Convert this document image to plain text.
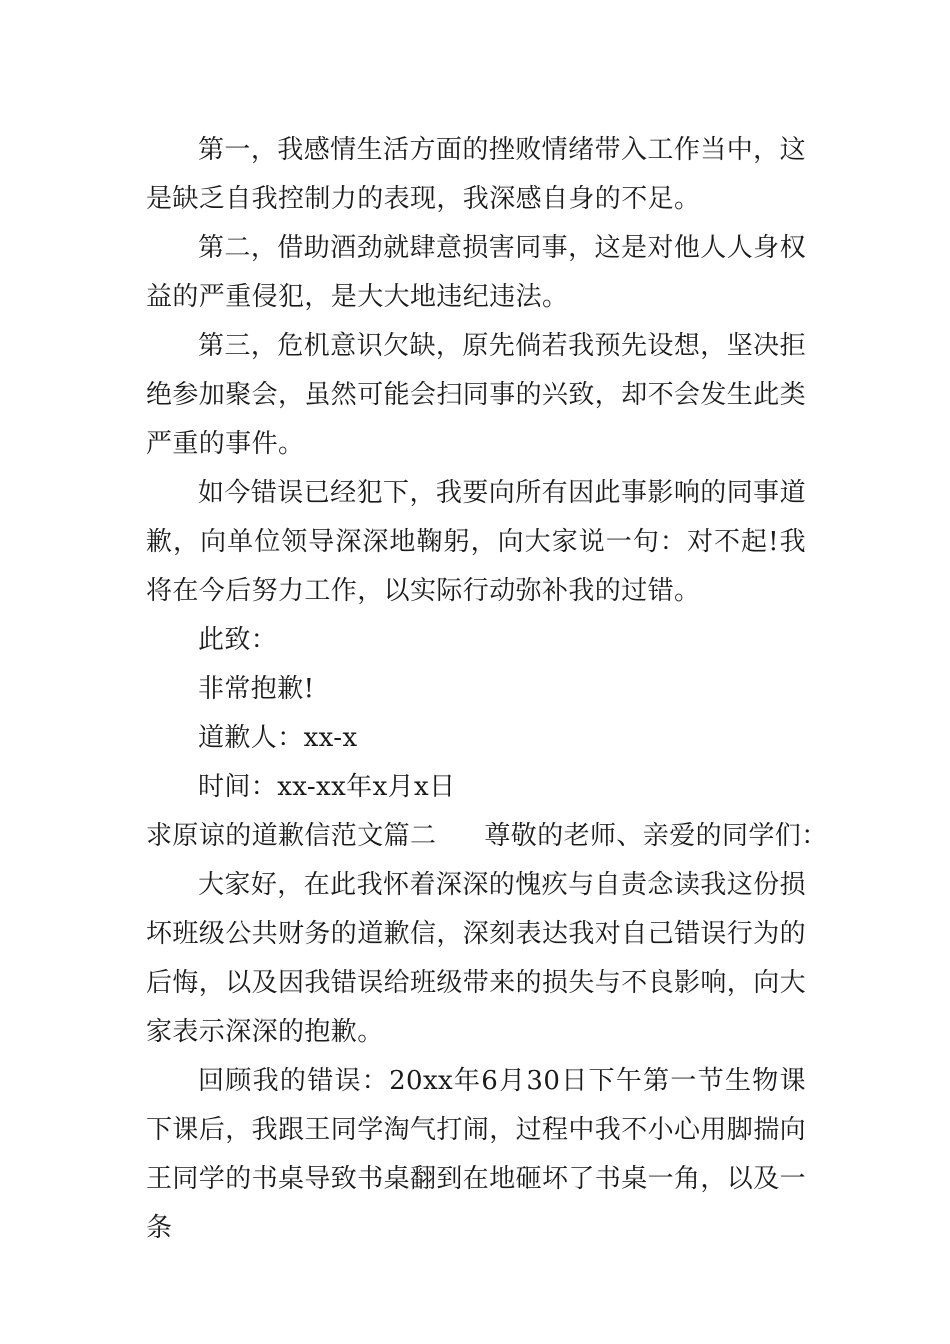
第一，我感情生活方面的挫败情绪带入工作当中，这是缺乏自我控制力的表现，我深感自身的不足。

第二，借助酒劲就肆意损害同事，这是对他人人身权益的严重侵犯，是大大地违纪违法。

第三，危机意识欠缺，原先倘若我预先设想，坚决拒绝参加聚会，虽然可能会扫同事的兴致，却不会发生此类严重的事件。

如今错误已经犯下，我要向所有因此事影响的同事道歉，向单位领导深深地鞠躬，向大家说一句：对不起!我将在今后努力工作，以实际行动弥补我的过错。

此致：

非常抱歉!

道歉人：xx-x

时间：xx-xx年x月x日

求原谅的道歉信范文篇二 尊敬的老师、亲爱的同学们：

大家好，在此我怀着深深的愧疚与自责念读我这份损坏班级公共财务的道歉信，深刻表达我对自己错误行为的后悔，以及因我错误给班级带来的损失与不良影响，向大家表示深深的抱歉。

回顾我的错误：20xx年6月30日下午第一节生物课下课后，我跟王同学淘气打闹，过程中我不小心用脚揣向王同学的书桌导致书桌翻到在地砸坏了书桌一角，以及一条
